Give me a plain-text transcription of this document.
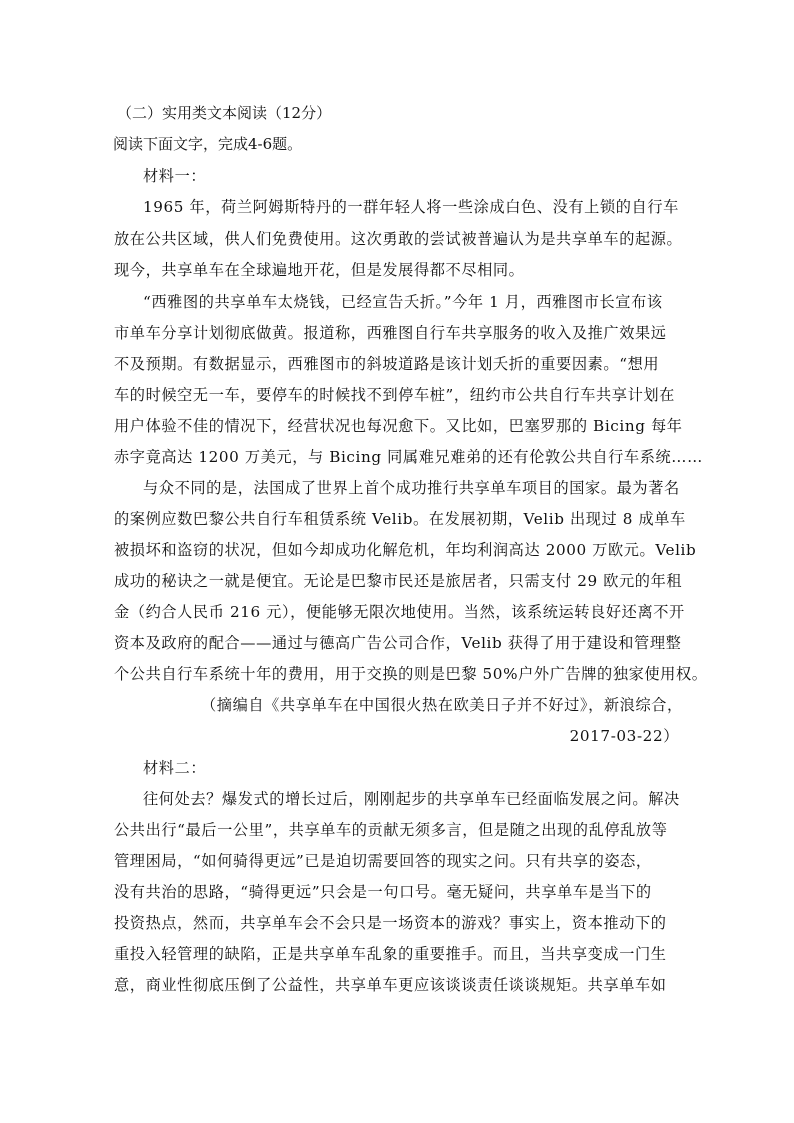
（二）实用类文本阅读（12分）
阅读下面文字，完成4-6题。
材料一：
1965 年，荷兰阿姆斯特丹的一群年轻人将一些涂成白色、没有上锁的自行车
放在公共区域，供人们免费使用。这次勇敢的尝试被普遍认为是共享单车的起源。
现今，共享单车在全球遍地开花，但是发展得都不尽相同。
“西雅图的共享单车太烧钱，已经宣告夭折。”今年 1 月，西雅图市长宣布该
市单车分享计划彻底做黄。报道称，西雅图自行车共享服务的收入及推广效果远
不及预期。有数据显示，西雅图市的斜坡道路是该计划夭折的重要因素。“想用
车的时候空无一车，要停车的时候找不到停车桩”，纽约市公共自行车共享计划在
用户体验不佳的情况下，经营状况也每况愈下。又比如，巴塞罗那的 Bicing 每年
赤字竟高达 1200 万美元，与 Bicing 同属难兄难弟的还有伦敦公共自行车系统……
与众不同的是，法国成了世界上首个成功推行共享单车项目的国家。最为著名
的案例应数巴黎公共自行车租赁系统 Velib。在发展初期，Velib 出现过 8 成单车
被损坏和盗窃的状况，但如今却成功化解危机，年均利润高达 2000 万欧元。Velib
成功的秘诀之一就是便宜。无论是巴黎市民还是旅居者，只需支付 29 欧元的年租
金（约合人民币 216 元），便能够无限次地使用。当然，该系统运转良好还离不开
资本及政府的配合——通过与德高广告公司合作，Velib 获得了用于建设和管理整
个公共自行车系统十年的费用，用于交换的则是巴黎 50%户外广告牌的独家使用权。
（摘编自《共享单车在中国很火热在欧美日子并不好过》，新浪综合，
2017-03-22）
材料二：
往何处去？爆发式的增长过后，刚刚起步的共享单车已经面临发展之问。解决
公共出行“最后一公里”，共享单车的贡献无须多言，但是随之出现的乱停乱放等
管理困局，“如何骑得更远”已是迫切需要回答的现实之问。只有共享的姿态，
没有共治的思路，“骑得更远”只会是一句口号。毫无疑问，共享单车是当下的
投资热点，然而，共享单车会不会只是一场资本的游戏？事实上，资本推动下的
重投入轻管理的缺陷，正是共享单车乱象的重要推手。而且，当共享变成一门生
意，商业性彻底压倒了公益性，共享单车更应该谈谈责任谈谈规矩。共享单车如
